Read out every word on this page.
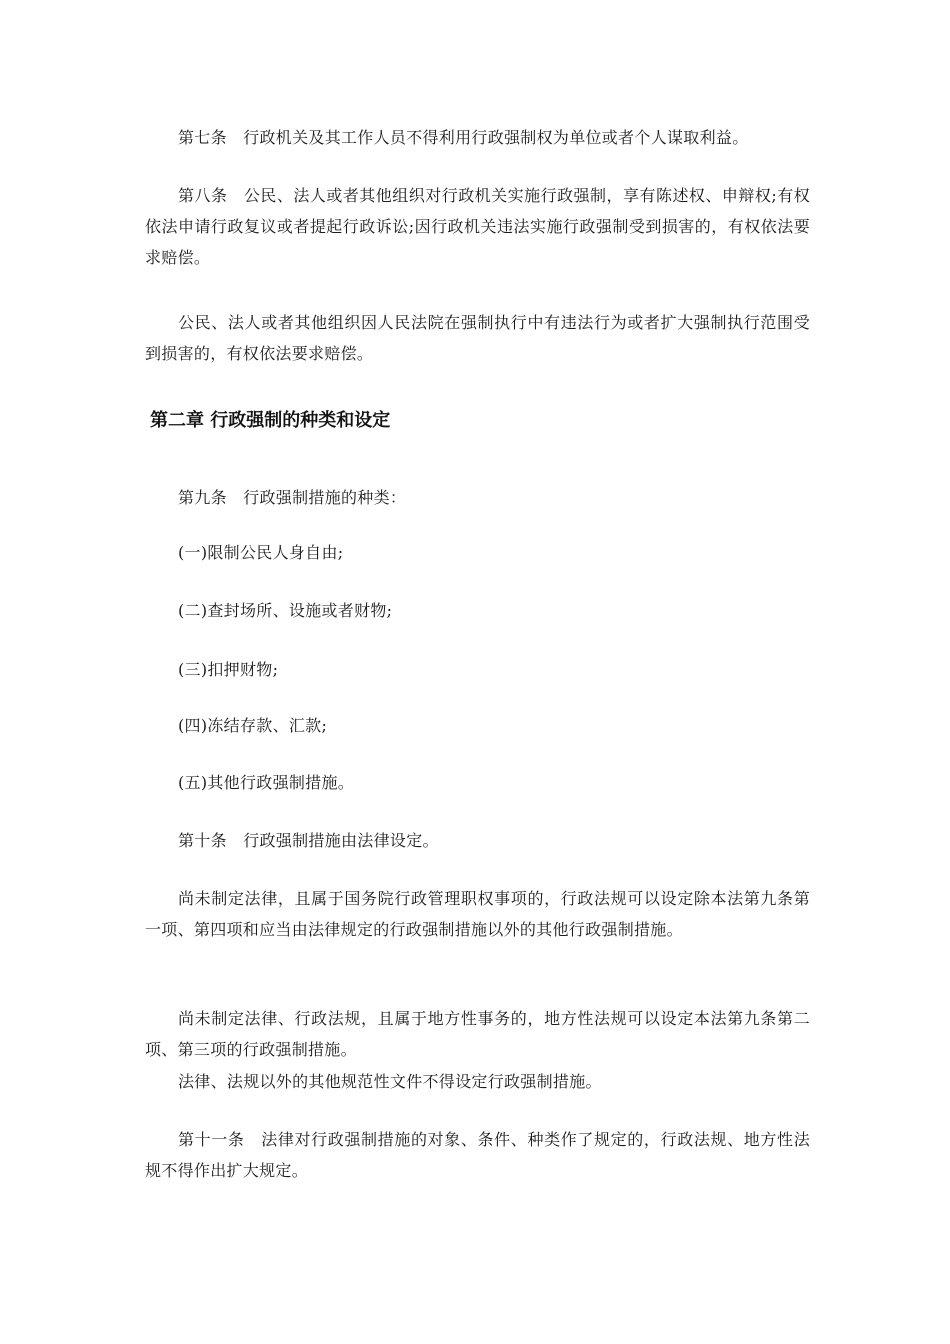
第七条　行政机关及其工作人员不得利用行政强制权为单位或者个人谋取利益。

第八条　公民、法人或者其他组织对行政机关实施行政强制，享有陈述权、申辩权;有权依法申请行政复议或者提起行政诉讼;因行政机关违法实施行政强制受到损害的，有权依法要求赔偿。

公民、法人或者其他组织因人民法院在强制执行中有违法行为或者扩大强制执行范围受到损害的，有权依法要求赔偿。

第二章 行政强制的种类和设定

第九条　行政强制措施的种类：

(一)限制公民人身自由;

(二)查封场所、设施或者财物;

(三)扣押财物;

(四)冻结存款、汇款;

(五)其他行政强制措施。

第十条　行政强制措施由法律设定。

尚未制定法律，且属于国务院行政管理职权事项的，行政法规可以设定除本法第九条第一项、第四项和应当由法律规定的行政强制措施以外的其他行政强制措施。

尚未制定法律、行政法规，且属于地方性事务的，地方性法规可以设定本法第九条第二项、第三项的行政强制措施。

法律、法规以外的其他规范性文件不得设定行政强制措施。

第十一条　法律对行政强制措施的对象、条件、种类作了规定的，行政法规、地方性法规不得作出扩大规定。
